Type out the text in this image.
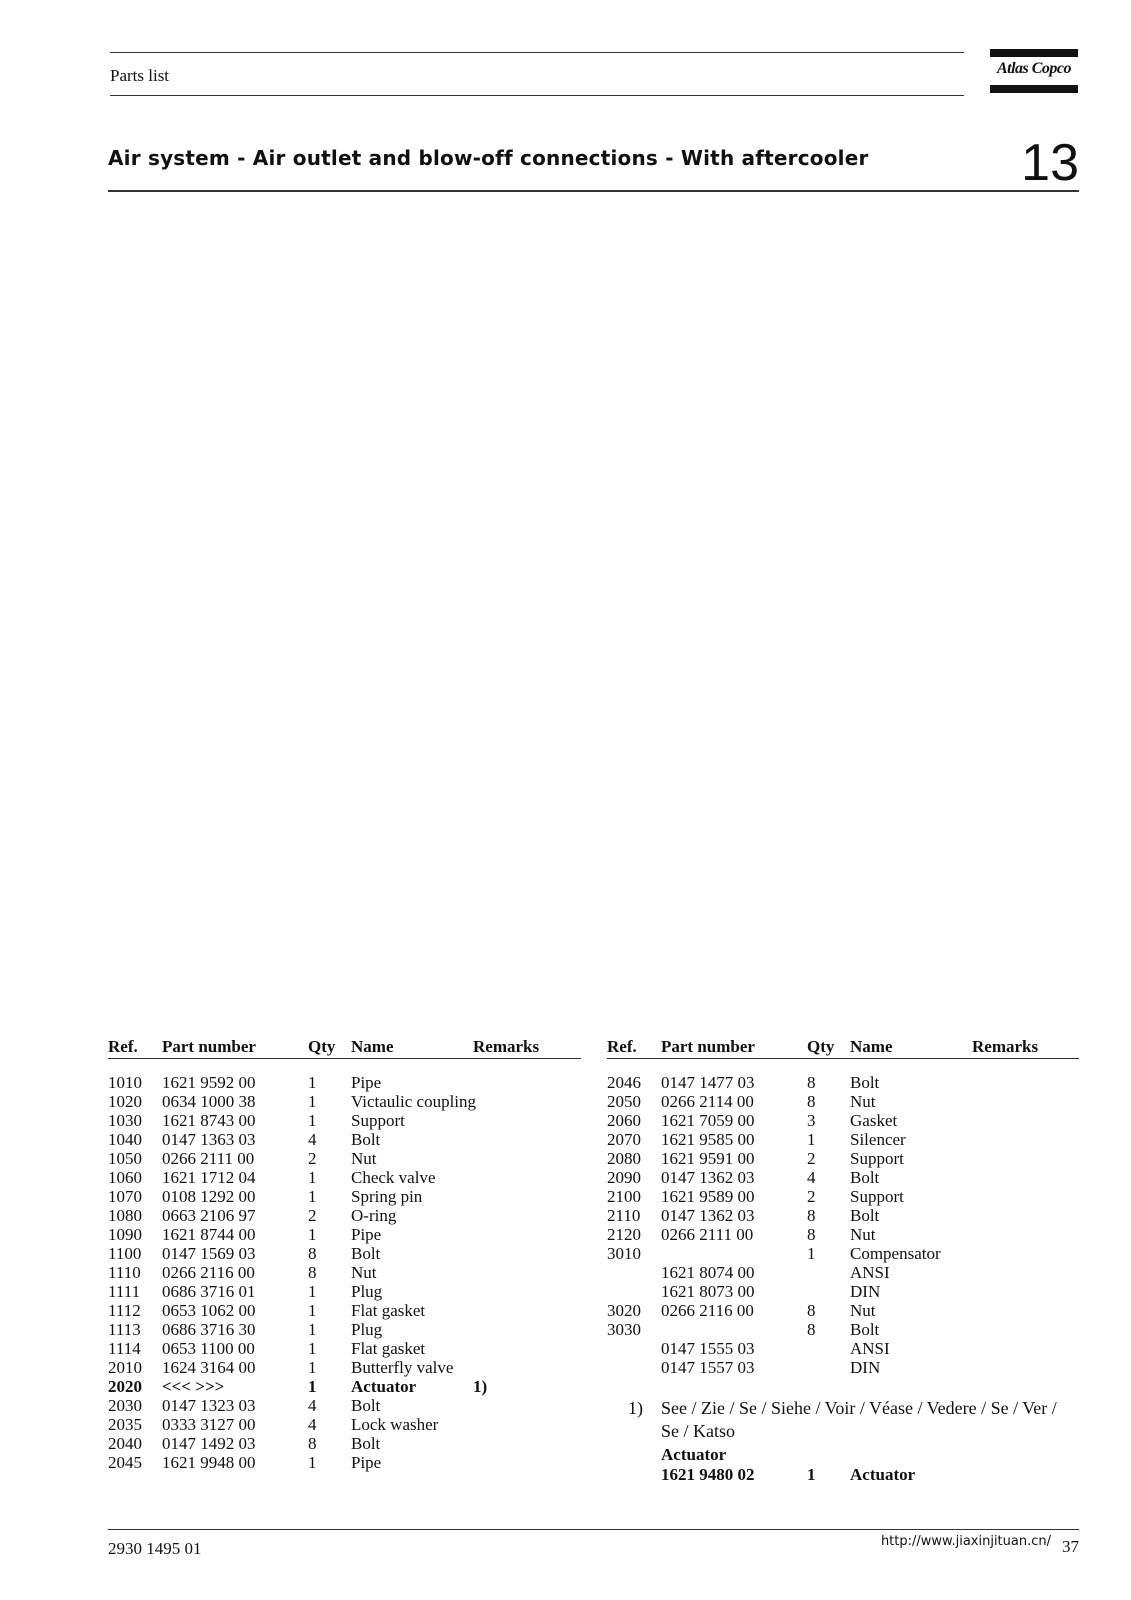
Parts list	Atlas Copco
Air system - Air outlet and blow-off connections - With aftercooler	13
Ref. Part number	Qty Name	Remarks
1010 1621 9592 00	1 Pipe
1020 0634 1000 38	1 Victaulic coupling
1030 1621 8743 00	1 Support
1040 0147 1363 03	4 Bolt
1050 0266 2111 00	2 Nut
1060 1621 1712 04	1 Check valve
1070 0108 1292 00	1 Spring pin
1080 0663 2106 97	2 O-ring
1090 1621 8744 00	1 Pipe
1100 0147 1569 03	8 Bolt
1110 0266 2116 00	8 Nut
1111 0686 3716 01	1 Plug
1112 0653 1062 00	1 Flat gasket
1113 0686 3716 30	1 Plug
1114 0653 1100 00	1 Flat gasket
2010 1624 3164 00	1 Butterfly valve
2020 <<< >>>	1 Actuator	1)
2030 0147 1323 03	4 Bolt
2035 0333 3127 00	4 Lock washer
2040 0147 1492 03	8 Bolt
2045 1621 9948 00	1 Pipe
Ref. Part number	Qty Name	Remarks
2046 0147 1477 03	8 Bolt
2050 0266 2114 00	8 Nut
2060 1621 7059 00	3 Gasket
2070 1621 9585 00	1 Silencer
2080 1621 9591 00	2 Support
2090 0147 1362 03	4 Bolt
2100 1621 9589 00	2 Support
2110 0147 1362 03	8 Bolt
2120 0266 2111 00	8 Nut
3010	1 Compensator
1621 8074 00	ANSI
1621 8073 00	DIN
3020 0266 2116 00	8 Nut
3030	8 Bolt
0147 1555 03	ANSI
0147 1557 03	DIN
1) See / Zie / Se / Siehe / Voir / Véase / Vedere / Se / Ver /
Se / Katso
Actuator
1621 9480 02	1 Actuator
2930 1495 01	http://www.jiaxinjituan.cn/ 37
